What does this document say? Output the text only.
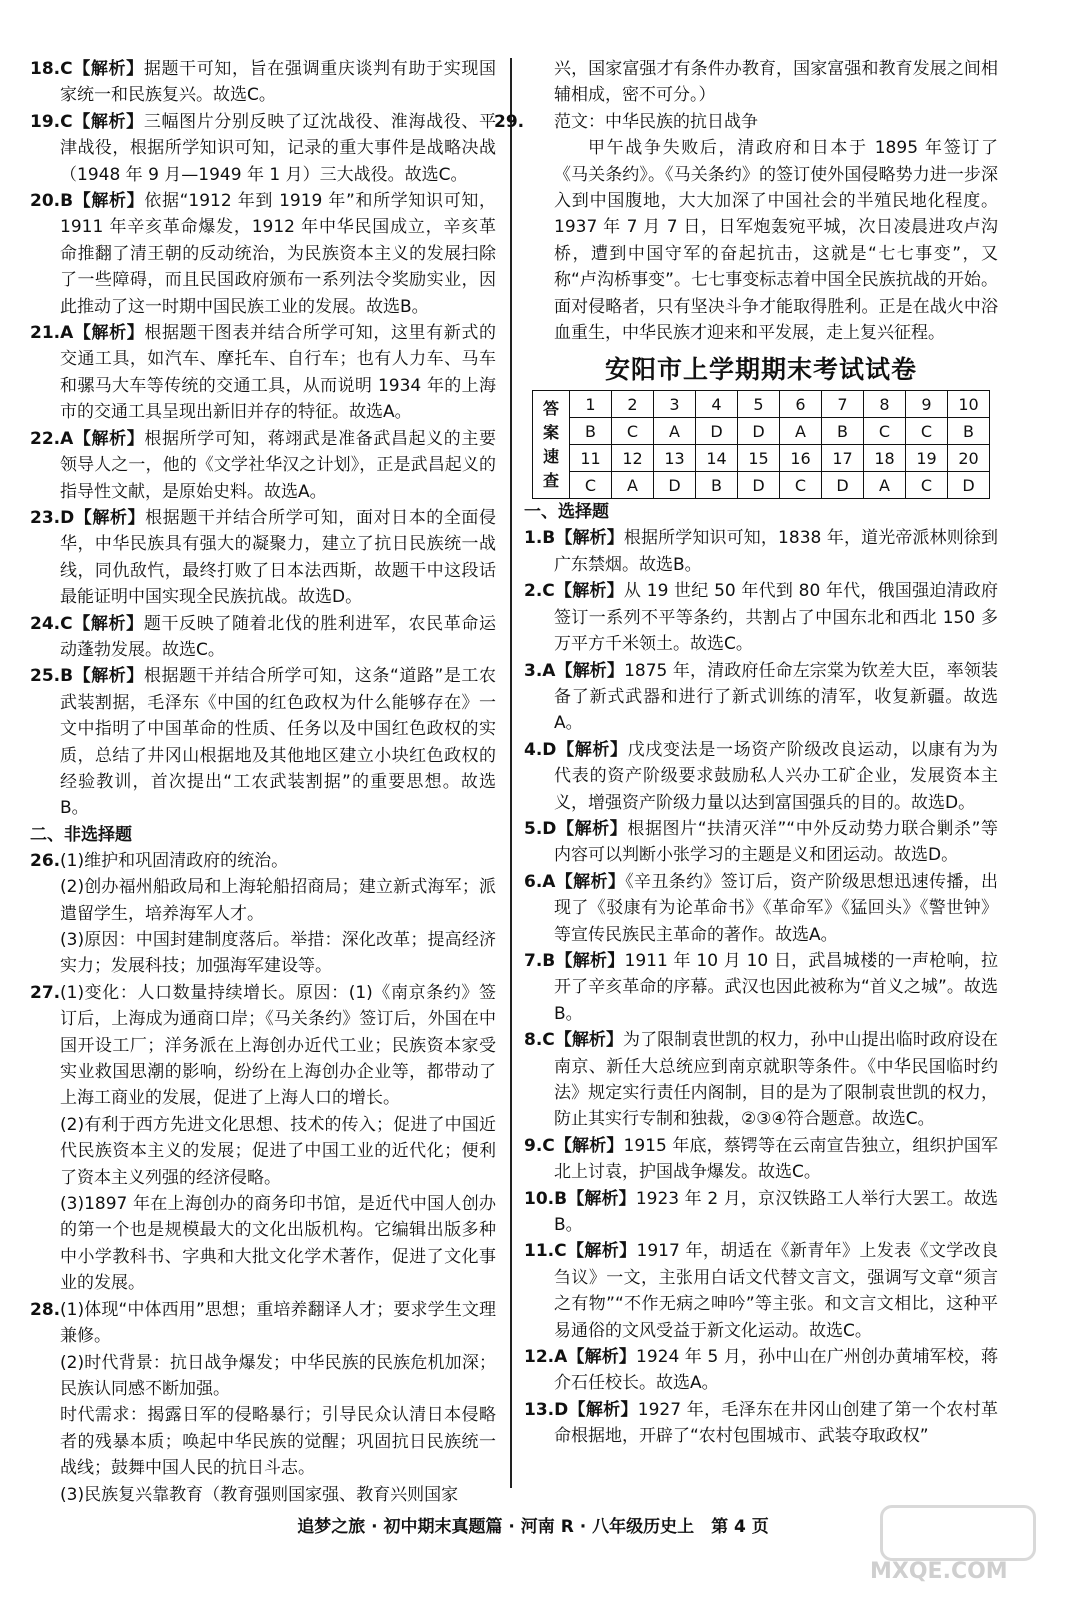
18.C【解析】据题干可知，旨在强调重庆谈判有助于实现国家统一和民族复兴。故选C。

19.C【解析】三幅图片分别反映了辽沈战役、淮海战役、平津战役，根据所学知识可知，记录的重大事件是战略决战（1948 年 9 月—1949 年 1 月）三大战役。故选C。

20.B【解析】依据“1912 年到 1919 年”和所学知识可知，1911 年辛亥革命爆发，1912 年中华民国成立，辛亥革命推翻了清王朝的反动统治，为民族资本主义的发展扫除了一些障碍，而且民国政府颁布一系列法令奖励实业，因此推动了这一时期中国民族工业的发展。故选B。

21.A【解析】根据题干图表并结合所学可知，这里有新式的交通工具，如汽车、摩托车、自行车；也有人力车、马车和骡马大车等传统的交通工具，从而说明 1934 年的上海市的交通工具呈现出新旧并存的特征。故选A。

22.A【解析】根据所学可知，蒋翊武是准备武昌起义的主要领导人之一，他的《文学社华汉之计划》，正是武昌起义的指导性文献，是原始史料。故选A。

23.D【解析】根据题干并结合所学可知，面对日本的全面侵华，中华民族具有强大的凝聚力，建立了抗日民族统一战线，同仇敌忾，最终打败了日本法西斯，故题干中这段话最能证明中国实现全民族抗战。故选D。

24.C【解析】题干反映了随着北伐的胜利进军，农民革命运动蓬勃发展。故选C。

25.B【解析】根据题干并结合所学可知，这条“道路”是工农武装割据，毛泽东《中国的红色政权为什么能够存在》一文中指明了中国革命的性质、任务以及中国红色政权的实质，总结了井冈山根据地及其他地区建立小块红色政权的经验教训，首次提出“工农武装割据”的重要思想。故选B。

二、非选择题

26.(1)维护和巩固清政府的统治。

(2)创办福州船政局和上海轮船招商局；建立新式海军；派遣留学生，培养海军人才。

(3)原因：中国封建制度落后。举措：深化改革；提高经济实力；发展科技；加强海军建设等。

27.(1)变化：人口数量持续增长。原因：(1)《南京条约》签订后，上海成为通商口岸；《马关条约》签订后，外国在中国开设工厂；洋务派在上海创办近代工业；民族资本家受实业救国思潮的影响，纷纷在上海创办企业等，都带动了上海工商业的发展，促进了上海人口的增长。

(2)有利于西方先进文化思想、技术的传入；促进了中国近代民族资本主义的发展；促进了中国工业的近代化；便利了资本主义列强的经济侵略。

(3)1897 年在上海创办的商务印书馆，是近代中国人创办的第一个也是规模最大的文化出版机构。它编辑出版多种中小学教科书、字典和大批文化学术著作，促进了文化事业的发展。

28.(1)体现“中体西用”思想；重培养翻译人才；要求学生文理兼修。

(2)时代背景：抗日战争爆发；中华民族的民族危机加深；民族认同感不断加强。

时代需求：揭露日军的侵略暴行；引导民众认清日本侵略者的残暴本质；唤起中华民族的觉醒；巩固抗日民族统一战线；鼓舞中国人民的抗日斗志。

(3)民族复兴靠教育（教育强则国家强、教育兴则国家

兴，国家富强才有条件办教育，国家富强和教育发展之间相辅相成，密不可分。）

29. 范文：中华民族的抗日战争

甲午战争失败后，清政府和日本于 1895 年签订了《马关条约》。《马关条约》的签订使外国侵略势力进一步深入到中国腹地，大大加深了中国社会的半殖民地化程度。1937 年 7 月 7 日，日军炮轰宛平城，次日凌晨进攻卢沟桥，遭到中国守军的奋起抗击，这就是“七七事变”，又称“卢沟桥事变”。七七事变标志着中国全民族抗战的开始。面对侵略者，只有坚决斗争才能取得胜利。正是在战火中浴血重生，中华民族才迎来和平发展，走上复兴征程。

安阳市上学期期末考试试卷
答
案
速
查	1	2	3	4	5	6	7	8	9	10
	B	C	A	D	D	A	B	C	C	B
	11	12	13	14	15	16	17	18	19	20
	C	A	D	B	D	C	D	A	C	D

一、选择题

1.B【解析】根据所学知识可知，1838 年，道光帝派林则徐到广东禁烟。故选B。

2.C【解析】从 19 世纪 50 年代到 80 年代，俄国强迫清政府签订一系列不平等条约，共割占了中国东北和西北 150 多万平方千米领土。故选C。

3.A【解析】1875 年，清政府任命左宗棠为钦差大臣，率领装备了新式武器和进行了新式训练的清军，收复新疆。故选A。

4.D【解析】戊戌变法是一场资产阶级改良运动，以康有为为代表的资产阶级要求鼓励私人兴办工矿企业，发展资本主义，增强资产阶级力量以达到富国强兵的目的。故选D。

5.D【解析】根据图片“扶清灭洋”“中外反动势力联合剿杀”等内容可以判断小张学习的主题是义和团运动。故选D。

6.A【解析】《辛丑条约》签订后，资产阶级思想迅速传播，出现了《驳康有为论革命书》《革命军》《猛回头》《警世钟》等宣传民族民主革命的著作。故选A。

7.B【解析】1911 年 10 月 10 日，武昌城楼的一声枪响，拉开了辛亥革命的序幕。武汉也因此被称为“首义之城”。故选B。

8.C【解析】为了限制袁世凯的权力，孙中山提出临时政府设在南京、新任大总统应到南京就职等条件。《中华民国临时约法》规定实行责任内阁制，目的是为了限制袁世凯的权力，防止其实行专制和独裁，②③④符合题意。故选C。

9.C【解析】1915 年底，蔡锷等在云南宣告独立，组织护国军北上讨袁，护国战争爆发。故选C。

10.B【解析】1923 年 2 月，京汉铁路工人举行大罢工。故选B。

11.C【解析】1917 年，胡适在《新青年》上发表《文学改良刍议》一文，主张用白话文代替文言文，强调写文章“须言之有物”“不作无病之呻吟”等主张。和文言文相比，这种平易通俗的文风受益于新文化运动。故选C。

12.A【解析】1924 年 5 月，孙中山在广州创办黄埔军校，蒋介石任校长。故选A。

13.D【解析】1927 年，毛泽东在井冈山创建了第一个农村革命根据地，开辟了“农村包围城市、武装夺取政权”

追梦之旅 · 初中期末真题篇 · 河南 R · 八年级历史上　第 4 页
MXQE.COM
